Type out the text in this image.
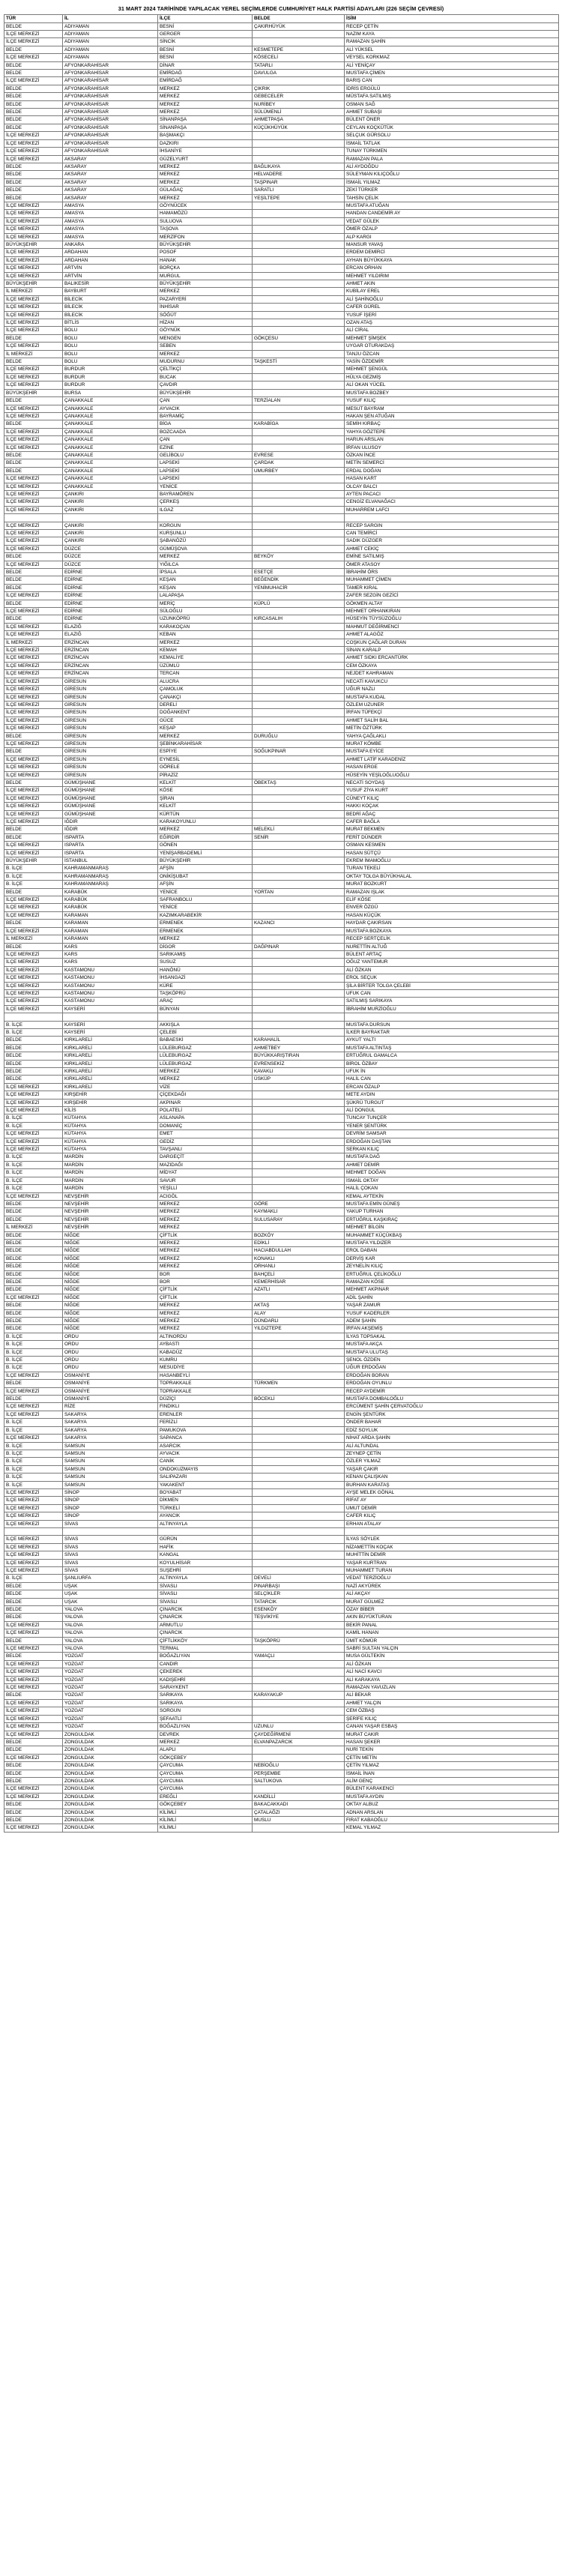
31 MART 2024 TARİHİNDE YAPILACAK YEREL SEÇİMLERDE CUMHURİYET HALK PARTİSİ ADAYLARI (226 SEÇİM ÇEVRESİ)
TÜR	İL	İLÇE	BELDE	İSİM
BELDE	ADIYAMAN	BESNİ	ÇAKIRHÜYÜK	RECEP ÇETİN
İLÇE MERKEZİ	ADIYAMAN	GERGER		NAZIM KAYA
İLÇE MERKEZİ	ADIYAMAN	SİNCİK		RAMAZAN ŞAHİN
BELDE	ADIYAMAN	BESNİ	KESMETEPE	ALİ YÜKSEL
İLÇE MERKEZİ	ADIYAMAN	BESNİ	KÖSECELİ	VEYSEL KORKMAZ
BELDE	AFYONKARAHİSAR	DİNAR	TATARLI	ALİ YENİÇAY
BELDE	AFYONKARAHİSAR	EMİRDAĞ	DAVULGA	MUSTAFA ÇİMEN
İLÇE MERKEZİ	AFYONKARAHİSAR	EMİRDAĞ		BARIŞ CAN
BELDE	AFYONKARAHİSAR	MERKEZ	ÇIKRIK	İDRİS ERGÜLÜ
BELDE	AFYONKARAHİSAR	MERKEZ	GEBECELER	MÜSTAFA SATILMIŞ
BELDE	AFYONKARAHİSAR	MERKEZ	NURİBEY	OSMAN SAĞ
BELDE	AFYONKARAHİSAR	MERKEZ	SÜLÜMENLİ	AHMET SUBAŞI
BELDE	AFYONKARAHİSAR	SİNANPAŞA	AHMETPAŞA	BÜLENT ÖNER
BELDE	AFYONKARAHİSAR	SİNANPAŞA	KÜÇÜKHÜYÜK	CEYLAN KOÇKÜTÜK
İLÇE MERKEZİ	AFYONKARAHİSAR	BAŞMAKÇI		SELÇUK GÜRSOLU
İLÇE MERKEZİ	AFYONKARAHİSAR	DAZKIRI		İSMAİL TATLAK
İLÇE MERKEZİ	AFYONKARAHİSAR	İHSANİYE		TUNAY TÜRKMEN
İLÇE MERKEZİ	AKSARAY	GÜZELYURT		RAMAZAN PALA
BELDE	AKSARAY	MERKEZ	BAĞLIKAYA	ALİ AYDOĞDU
BELDE	AKSARAY	MERKEZ	HELVADERE	SÜLEYMAN KILIÇOĞLU
BELDE	AKSARAY	MERKEZ	TAŞPINAR	İSMAİL YILMAZ
BELDE	AKSARAY	GÜLAĞAÇ	SARATLI	ZEKİ TÜRKER
BELDE	AKSARAY	MERKEZ	YEŞİLTEPE	TAHSİN ÇELİK
İLÇE MERKEZİ	AMASYA	GÖYNÜCEK		MUSTAFA ATUĞAN
İLÇE MERKEZİ	AMASYA	HAMAMÖZÜ		HANDAN CANDEMİR AY
İLÇE MERKEZİ	AMASYA	SULUOVA		VEDAT GÜLEK
İLÇE MERKEZİ	AMASYA	TAŞOVA		ÖMER ÖZALP
İLÇE MERKEZİ	AMASYA	MERZİFON		ALP KARGI
BÜYÜKŞEHİR	ANKARA	BÜYÜKŞEHİR		MANSUR YAVAŞ
İLÇE MERKEZİ	ARDAHAN	POSOF		ERDEM DEMİRCİ
İLÇE MERKEZİ	ARDAHAN	HANAK		AYHAN BÜYÜKKAYA
İLÇE MERKEZİ	ARTVİN	BORÇKA		ERCAN ORHAN
İLÇE MERKEZİ	ARTVİN	MURGUL		MEHMET YILDIRIM
BÜYÜKŞEHİR	BALIKESİR	BÜYÜKŞEHİR		AHMET AKIN
İL MERKEZİ	BAYBURT	MERKEZ		KUBİLAY EREL
İLÇE MERKEZİ	BİLECİK	PAZARYERİ		ALİ ŞAHİNOĞLU
İLÇE MERKEZİ	BİLECİK	İNHİSAR		CAFER GÜREL
İLÇE MERKEZİ	BİLECİK	SÖĞÜT		YUSUF İŞERİ
İLÇE MERKEZİ	BİTLİS	HİZAN		OZAN ATAŞ
İLÇE MERKEZİ	BOLU	GÖYNÜK		ALİ CİRAL
BELDE	BOLU	MENGEN	GÖKÇESU	MEHMET ŞİMŞEK
İLÇE MERKEZİ	BOLU	SEBEN		UYGAR OTURAKDAŞ
İL MERKEZİ	BOLU	MERKEZ		TANJU ÖZCAN
BELDE	BOLU	MUDURNU	TAŞKESTİ	YASİN ÖZDEMİR
İLÇE MERKEZİ	BURDUR	ÇELTİKÇİ		MEHMET ŞENGÜL
İLÇE MERKEZİ	BURDUR	BUCAK		HÜLYA GEZMİŞ
İLÇE MERKEZİ	BURDUR	ÇAVDIR		ALİ OKAN YÜCEL
BÜYÜKŞEHİR	BURSA	BÜYÜKŞEHİR		MUSTAFA BOZBEY
BELDE	ÇANAKKALE	ÇAN	TERZİALAN	YUSUF KILIÇ
İLÇE MERKEZİ	ÇANAKKALE	AYVACIK		MESUT BAYRAM
İLÇE MERKEZİ	ÇANAKKALE	BAYRAMİÇ		HAKAN ŞEN ATUĞAN
BELDE	ÇANAKKALE	BİGA	KARABİGA	SEMİH KIRBAÇ
İLÇE MERKEZİ	ÇANAKKALE	BOZCAADA		YAHYA GÖZTEPE
İLÇE MERKEZİ	ÇANAKKALE	ÇAN		HARUN ARSLAN
İLÇE MERKEZİ	ÇANAKKALE	EZİNE		İRFAN ULUSOY
BELDE	ÇANAKKALE	GELİBOLU	EVRESE	ÖZKAN İNCE
BELDE	ÇANAKKALE	LAPSEKİ	ÇARDAK	METİN SEMERCİ
BELDE	ÇANAKKALE	LAPSEKİ	UMURBEY	ERDAL DOĞAN
İLÇE MERKEZİ	ÇANAKKALE	LAPSEKİ		HASAN KART
İLÇE MERKEZİ	ÇANAKKALE	YENİCE		OLCAY BALCI
İLÇE MERKEZİ	ÇANKIRI	BAYRAMÖREN		AYTEN PACACI
İLÇE MERKEZİ	ÇANKIRI	ÇERKEŞ		CENGİZ ELVANAĞACI
İLÇE MERKEZİ	ÇANKIRI	ILGAZ		MUHARREM LAFCI

İLÇE MERKEZİ	ÇANKIRI	KORGUN		RECEP SARGIN
İLÇE MERKEZİ	ÇANKIRI	KURŞUNLU		CAN TEMİRCİ
İLÇE MERKEZİ	ÇANKIRI	ŞABANÖZÜ		SADIK DÜZGER
İLÇE MERKEZİ	DÜZCE	GÜMÜŞOVA		AHMET CEKİÇ
BELDE	DÜZCE	MERKEZ	BEYKÖY	EMİNE SATILMIŞ
İLÇE MERKEZİ	DÜZCE	YIĞILCA		ÖMER ATASOY
BELDE	EDİRNE	İPSALA	ESETÇE	İBRAHİM ÖRS
BELDE	EDİRNE	KEŞAN	BEĞENDİK	MUHAMMET ÇİMEN
BELDE	EDİRNE	KEŞAN	YENİMUHACİR	TAMER KIRAL
İLÇE MERKEZİ	EDİRNE	LALAPAŞA		ZAFER SEZGİN GEZİCİ
BELDE	EDİRNE	MERİÇ	KÜPLÜ	GÖKMEN ALTAY
İLÇE MERKEZİ	EDİRNE	SÜLOĞLU		MEHMET ORHANKIRAN
BELDE	EDİRNE	UZUNKÖPRÜ	KIRCASALIH	HÜSEYİN TÜYSÜZOĞLU
İLÇE MERKEZİ	ELAZIĞ	KARAKOÇAN		MAHMUT DEĞİRMENCİ
İLÇE MERKEZİ	ELAZIĞ	KEBAN		AHMET ALAGÖZ
İL MERKEZİ	ERZİNCAN	MERKEZ		COŞKUN ÇAĞLAR DURAN
İLÇE MERKEZİ	ERZİNCAN	KEMAH		SİNAN KARALP
İLÇE MERKEZİ	ERZİNCAN	KEMALİYE		AHMET SIDKI ERCANTÜRK
İLÇE MERKEZİ	ERZİNCAN	ÜZÜMLÜ		CEM ÖZKAYA
İLÇE MERKEZİ	ERZİNCAN	TERCAN		NEJDET KAHRAMAN
İLÇE MERKEZİ	GİRESUN	ALUCRA		NECATİ KAVUKCU
İLÇE MERKEZİ	GİRESUN	ÇAMOLUK		UĞUR NAZLI
İLÇE MERKEZİ	GİRESUN	ÇANAKÇI		MUSTAFA KUDAL
İLÇE MERKEZİ	GİRESUN	DERELİ		ÖZLEM UZUNER
İLÇE MERKEZİ	GİRESUN	DOĞANKENT		İRFAN TÜFEKÇİ
İLÇE MERKEZİ	GİRESUN	GÜCE		AHMET SALİH BAL
İLÇE MERKEZİ	GİRESUN	KEŞAP		METİN ÖZTÜRK
BELDE	GİRESUN	MERKEZ	DURUĞLU	YAHYA ÇAĞLAKLI
İLÇE MERKEZİ	GİRESUN	ŞEBİNKARAHİSAR		MURAT KÖMBE
BELDE	GİRESUN	ESPİYE	SOĞUKPINAR	MUSTAFA EYİCE
İLÇE MERKEZİ	GİRESUN	EYNESİL		AHMET LATİF KARADENİZ
İLÇE MERKEZİ	GİRESUN	GÖRELE		HASAN ERGE
İLÇE MERKEZİ	GİRESUN	PİRAZİZ		HÜSEYİN YEŞİLOĞLUOĞLU
BELDE	GÜMÜŞHANE	KELKİT	ÖBEKTAŞ	NECATİ SOYDAŞ
İLÇE MERKEZİ	GÜMÜŞHANE	KÖSE		YUSUF ZİYA KURT
İLÇE MERKEZİ	GÜMÜŞHANE	ŞİRAN		CÜNEYT KILIÇ
İLÇE MERKEZİ	GÜMÜŞHANE	KELKİT		HAKKI KOÇAK
İLÇE MERKEZİ	GÜMÜŞHANE	KÜRTÜN		BEDRİ AĞAÇ
İLÇE MERKEZİ	IĞDIR	KARAKOYUNLU		CAFER BAĞLA
BELDE	IĞDIR	MERKEZ	MELEKLİ	MURAT BEKMEN
BELDE	ISPARTA	EĞİRDİR	SENİR	FERİT DÜNDER
İLÇE MERKEZİ	ISPARTA	GÖNEN		OSMAN KESMEN
İLÇE MERKEZİ	ISPARTA	YENİŞARBADEMLİ		HASAN SÜTÇÜ
BÜYÜKŞEHİR	İSTANBUL	BÜYÜKŞEHİR		EKREM İMAMOĞLU
B. İLÇE	KAHRAMANMARAŞ	AFŞİN		TURAN TEKELİ
B. İLÇE	KAHRAMANMARAŞ	ONİKİŞUBAT		OKTAY TOLGA BÜYÜKHALAL
B. İLÇE	KAHRAMANMARAŞ	AFŞİN		MURAT BOZKURT
BELDE	KARABÜK	YENİCE	YORTAN	RAMAZAN IŞLAK
İLÇE MERKEZİ	KARABÜK	SAFRANBOLU		ELİF KÖSE
İLÇE MERKEZİ	KARABÜK	YENİCE		ENVER ÖZGÜ
İLÇE MERKEZİ	KARAMAN	KAZIMKARABEKİR		HASAN KÜÇÜK
BELDE	KARAMAN	ERMENEK	KAZANCI	HAYDAR ÇAKIRSAN
İLÇE MERKEZİ	KARAMAN	ERMENEK		MUSTAFA BOZKAYA
İL MERKEZİ	KARAMAN	MERKEZ		RECEP SERTÇELİK
BELDE	KARS	DİGOR	DAĞPINAR	NURETTİN ALTUĞ
İLÇE MERKEZİ	KARS	SARIKAMIŞ		BÜLENT ARTAÇ
İLÇE MERKEZİ	KARS	SUSUZ		OĞUZ YANTEMUR
İLÇE MERKEZİ	KASTAMONU	HANÖNÜ		ALİ ÖZKAN
İLÇE MERKEZİ	KASTAMONU	İHSANGAZİ		EROL SEÇUK
İLÇE MERKEZİ	KASTAMONU	KÜRE		ŞİLA BİRTER TOLGA ÇELEBİ
İLÇE MERKEZİ	KASTAMONU	TAŞKÖPRÜ		UFUK CAN
İLÇE MERKEZİ	KASTAMONU	ARAÇ		SATILMIŞ SARIKAYA
İLÇE MERKEZİ	KAYSERİ	BÜNYAN		İBRAHİM MURZİOĞLU

B. İLÇE	KAYSERİ	AKKIŞLA		MUSTAFA DURSUN
B. İLÇE	KAYSERİ	ÇELEBİ		İLKER BAYRAKTAR
BELDE	KIRKLARELİ	BABAESKİ	KARAHALİL	AYKUT YALTI
BELDE	KIRKLARELİ	LÜLEBURGAZ	AHMETBEY	MUSTAFA ALTINTAŞ
BELDE	KIRKLARELİ	LÜLEBURGAZ	BÜYÜKKARIŞTIRAN	ERTUĞRUL GAMALCA
BELDE	KIRKLARELİ	LÜLEBURGAZ	EVRENSEKİZ	BİROL ÖZBAY
BELDE	KIRKLARELİ	MERKEZ	KAVAKLI	UFUK İN
BELDE	KIRKLARELİ	MERKEZ	ÜSKÜP	HALİL CAN
İLÇE MERKEZİ	KIRKLARELİ	VİZE		ERCAN ÖZALP
İLÇE MERKEZİ	KIRŞEHİR	ÇİÇEKDAĞI		METE AYDIN
İLÇE MERKEZİ	KIRŞEHİR	AKPINAR		ŞÜKRÜ TURGUT
İLÇE MERKEZİ	KİLİS	POLATELİ		ALİ DONGUL
B. İLÇE	KÜTAHYA	ASLANAPA		TUNCAY TUNÇER
B. İLÇE	KÜTAHYA	DOMANİÇ		YENER ŞENTÜRK
İLÇE MERKEZİ	KÜTAHYA	EMET		DEVRİM SAMSAR
İLÇE MERKEZİ	KÜTAHYA	GEDİZ		ERDOĞAN DAŞTAN
İLÇE MERKEZİ	KÜTAHYA	TAVŞANLI		SERKAN KILIÇ
B. İLÇE	MARDİN	DARGEÇİT		MUSTAFA DAĞ
B. İLÇE	MARDİN	MAZIDAĞI		AHMET DEMİR
B. İLÇE	MARDİN	MİDYAT		MEHMET DOĞAN
B. İLÇE	MARDİN	SAVUR		İSMAİL OKTAY
B. İLÇE	MARDİN	YEŞİLLİ		HALİL ÇOKAN
İLÇE MERKEZİ	NEVŞEHİR	ACIGÖL		KEMAL AYTEKİN
BELDE	NEVŞEHİR	MERKEZ	GÖRE	MUSTAFA EMİN GÜNEŞ
BELDE	NEVŞEHİR	MERKEZ	KAYMAKLI	YAKUP TURHAN
BELDE	NEVŞEHİR	MERKEZ	SULUSARAY	ERTUĞRUL KAŞKIRAÇ
İL MERKEZİ	NEVŞEHİR	MERKEZ		MEHMET BİLGİN
BELDE	NİĞDE	ÇİFTLİK	BOZKÖY	MUHAMMET KÜÇÜKBAŞ
BELDE	NİĞDE	MERKEZ	EDİKLİ	MUSTAFA YILDIZER
BELDE	NİĞDE	MERKEZ	HACIABDULLAH	EROL DABAN
BELDE	NİĞDE	MERKEZ	KONAKLI	DERVİŞ KAR
BELDE	NİĞDE	MERKEZ	ORHANLI	ZEYNELİN KILIÇ
BELDE	NİĞDE	BOR	BAHÇELİ	ERTUĞRUL ÇELİKOĞLU
BELDE	NİĞDE	BOR	KEMERHİSAR	RAMAZAN KÖSE
BELDE	NİĞDE	ÇİFTLİK	AZATLI	MEHMET AKPINAR
İLÇE MERKEZİ	NİĞDE	ÇİFTLİK		ADİL ŞAHİN
BELDE	NİĞDE	MERKEZ	AKTAŞ	YAŞAR ZAMUR
BELDE	NİĞDE	MERKEZ	ALAY	YUSUF KADERLER
BELDE	NİĞDE	MERKEZ	DÜNDARLI	ADEM ŞAHİN
BELDE	NİĞDE	MERKEZ	YILDIZTEPE	İRFAN AKŞEMİŞ
B. İLÇE	ORDU	ALTINORDU		İLYAS TOPSAKAL
B. İLÇE	ORDU	AYBASTI		MUSTAFA AKÇA
B. İLÇE	ORDU	KABADÜZ		MUSTAFA ULUTAŞ
B. İLÇE	ORDU	KUMRU		ŞENOL ÖZDEN
B. İLÇE	ORDU	MESUDİYE		UĞUR ERDOĞAN
İLÇE MERKEZİ	OSMANİYE	HASANBEYLİ		ERDOĞAN BORAN
BELDE	OSMANİYE	TOPRAKKALE	TÜRKMEN	ERDOĞAN OYUNLU
İLÇE MERKEZİ	OSMANİYE	TOPRAKKALE		RECEP AYDEMİR
BELDE	OSMANİYE	DÜZİÇİ	BÖCEKLİ	MUSTAFA DOMBALOĞLU
İLÇE MERKEZİ	RİZE	FINDIKLI		ERCÜMENT ŞAHİN ÇERVATOĞLU
İLÇE MERKEZİ	SAKARYA	ERENLER		ENGİN ŞENTÜRK
B. İLÇE	SAKARYA	FERİZLİ		ÖNDER BAHAR
B. İLÇE	SAKARYA	PAMUKOVA		EDİZ SOYLUK
İLÇE MERKEZİ	SAKARYA	SAPANCA		NİHAT ARDA ŞAHİN
B. İLÇE	SAMSUN	ASARCIK		ALİ ALTUNDAL
B. İLÇE	SAMSUN	AYVACIK		ZEYNEP ÇETİN
B. İLÇE	SAMSUN	CANİK		ÖZLER YILMAZ
B. İLÇE	SAMSUN	ONDOKUZMAYIS		YAŞAR ÇAKIR
B. İLÇE	SAMSUN	SALIPAZARI		KENAN ÇALIŞKAN
B. İLÇE	SAMSUN	YAKAKENT		BURHAN KARATAŞ
İLÇE MERKEZİ	SİNOP	BOYABAT		AYŞE MELEK GÖNAL
İLÇE MERKEZİ	SİNOP	DİKMEN		RİFAT AY
İLÇE MERKEZİ	SİNOP	TÜRKELİ		UMUT DEMİR
İLÇE MERKEZİ	SİNOP	AYANCIK		CAFER KILIÇ
İLÇE MERKEZİ	SİVAS	ALTINYAYLA		ERHAN ATALAY

İLÇE MERKEZİ	SİVAS	GÜRÜN		İLYAS SÖYLEK
İLÇE MERKEZİ	SİVAS	HAFİK		NİZAMETTİN KOÇAK
İLÇE MERKEZİ	SİVAS	KANGAL		MUHİTTİN DEMİR
İLÇE MERKEZİ	SİVAS	KOYULHİSAR		YAŞAR KURTRAN
İLÇE MERKEZİ	SİVAS	SUŞEHRİ		MUHAMMET TURAN
B. İLÇE	ŞANLIURFA	ALTINYAYLA	DEVELİ	VEDAT TERZİOĞLU
BELDE	UŞAK	SİVASLI	PINARBAŞI	NAZİ AKYÜREK
BELDE	UŞAK	SİVASLI	SELÇİKLER	ALİ AKÇAY
BELDE	UŞAK	SİVASLI	TATARCIK	MURAT GÜLMEZ
BELDE	YALOVA	ÇINARCIK	ESENKÖY	ÖZAY BİBER
BELDE	YALOVA	ÇINARCIK	TEŞVİKİYE	AKIN BÜYÜKTURAN
İLÇE MERKEZİ	YALOVA	ARMUTLU		BEKİR PANAL
İLÇE MERKEZİ	YALOVA	ÇINARCIK		KAMİL HANAN
BELDE	YALOVA	ÇİFTLİKKÖY	TAŞKÖPRÜ	ÜMİT KÖMÜR
İLÇE MERKEZİ	YALOVA	TERMAL		SABRİ SULTAN YALÇIN
BELDE	YOZGAT	BOĞAZLIYAN	YAMAÇLI	MUSA GÜLTEKİN
İLÇE MERKEZİ	YOZGAT	CANDIR		ALİ ÖZKAN
İLÇE MERKEZİ	YOZGAT	ÇEKEREK		ALİ NACİ KAVCI
İLÇE MERKEZİ	YOZGAT	KADIŞEHRİ		ALİ KARAKAYA
İLÇE MERKEZİ	YOZGAT	SARAYKENT		RAMAZAN YAVUZLAN
BELDE	YOZGAT	SARIKAYA	KARAYAKUP	ALİ BEKAR
İLÇE MERKEZİ	YOZGAT	SARIKAYA		AHMET YALÇIN
İLÇE MERKEZİ	YOZGAT	SORGUN		CEM ÖZBAŞ
İLÇE MERKEZİ	YOZGAT	ŞEFAATLİ		ŞERİFE KILIÇ
İLÇE MERKEZİ	YOZGAT	BOĞAZLIYAN	UZUNLU	CANAN YAŞAR ESBAŞ
İLÇE MERKEZİ	ZONGULDAK	DEVREK	ÇAYDEĞİRMENİ	MURAT CAKIR
BELDE	ZONGULDAK	MERKEZ	ELVANPAZARCIK	HASAN ŞEKER
BELDE	ZONGULDAK	ALAPLI		NURİ TEKİN
İLÇE MERKEZİ	ZONGULDAK	GÖKÇEBEY		ÇETİN METİN
BELDE	ZONGULDAK	ÇAYCUMA	NEBİOĞLU	ÇETİN YILMAZ
BELDE	ZONGULDAK	ÇAYCUMA	PERŞEMBE	İSMAİL İNAN
BELDE	ZONGULDAK	ÇAYCUMA	SALTUKOVA	ALİM GENÇ
İLÇE MERKEZİ	ZONGULDAK	ÇAYCUMA		BÜLENT KARAKENCİ
İLÇE MERKEZİ	ZONGULDAK	EREĞLİ	KANDİLLİ	MUSTAFA AYDIN
BELDE	ZONGULDAK	GÖKÇEBEY	BAKACAKKADI	OKTAY ALBUZ
BELDE	ZONGULDAK	KİLİMLİ	ÇATALAĞZI	ADNAN ARSLAN
BELDE	ZONGULDAK	KİLİMLİ	MUSLU	FIRAT KABAOĞLU
İLÇE MERKEZİ	ZONGULDAK	KİLİMLİ		KEMAL YILMAZ
